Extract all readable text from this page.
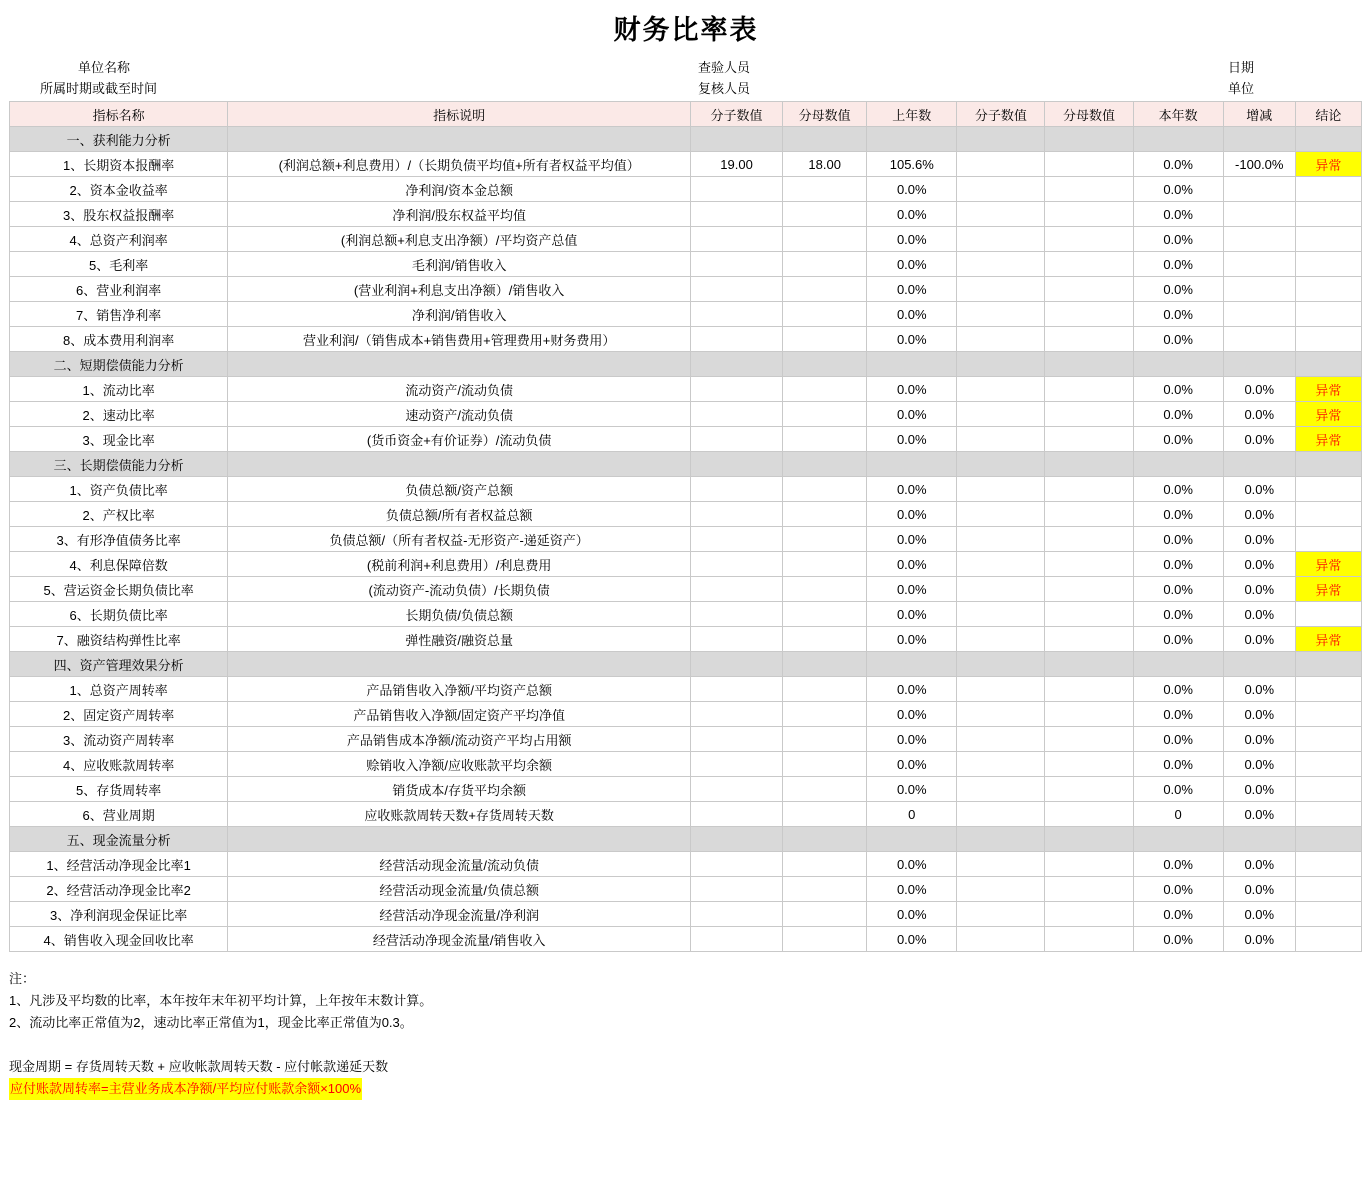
财务比率表
单位名称
所属时期或截至时间
查验人员
复核人员
日期
单位
指标名称	指标说明	分子数值	分母数值	上年数	分子数值	分母数值	本年数	增减	结论
一、获利能力分析									
1、长期资本报酬率	(利润总额+利息费用）/（长期负债平均值+所有者权益平均值）	19.00	18.00	105.6%			0.0%	-100.0%	异常
2、资本金收益率	净利润/资本金总额			0.0%			0.0%		
3、股东权益报酬率	净利润/股东权益平均值			0.0%			0.0%		
4、总资产利润率	(利润总额+利息支出净额）/平均资产总值			0.0%			0.0%		
5、毛利率	毛利润/销售收入			0.0%			0.0%		
6、营业利润率	(营业利润+利息支出净额）/销售收入			0.0%			0.0%		
7、销售净利率	净利润/销售收入			0.0%			0.0%		
8、成本费用利润率	营业利润/（销售成本+销售费用+管理费用+财务费用）			0.0%			0.0%		
二、短期偿债能力分析									
1、流动比率	流动资产/流动负债			0.0%			0.0%	0.0%	异常
2、速动比率	速动资产/流动负债			0.0%			0.0%	0.0%	异常
3、现金比率	(货币资金+有价证券）/流动负债			0.0%			0.0%	0.0%	异常
三、长期偿债能力分析									
1、资产负债比率	负债总额/资产总额			0.0%			0.0%	0.0%	
2、产权比率	负债总额/所有者权益总额			0.0%			0.0%	0.0%	
3、有形净值债务比率	负债总额/（所有者权益-无形资产-递延资产）			0.0%			0.0%	0.0%	
4、利息保障倍数	(税前利润+利息费用）/利息费用			0.0%			0.0%	0.0%	异常
5、营运资金长期负债比率	(流动资产-流动负债）/长期负债			0.0%			0.0%	0.0%	异常
6、长期负债比率	长期负债/负债总额			0.0%			0.0%	0.0%	
7、融资结构弹性比率	弹性融资/融资总量			0.0%			0.0%	0.0%	异常
四、资产管理效果分析									
1、总资产周转率	产品销售收入净额/平均资产总额			0.0%			0.0%	0.0%	
2、固定资产周转率	产品销售收入净额/固定资产平均净值			0.0%			0.0%	0.0%	
3、流动资产周转率	产品销售成本净额/流动资产平均占用额			0.0%			0.0%	0.0%	
4、应收账款周转率	赊销收入净额/应收账款平均余额			0.0%			0.0%	0.0%	
5、存货周转率	销货成本/存货平均余额			0.0%			0.0%	0.0%	
6、营业周期	应收账款周转天数+存货周转天数			0			0	0.0%	
五、现金流量分析									
1、经营活动净现金比率1	经营活动现金流量/流动负债			0.0%			0.0%	0.0%	
2、经营活动净现金比率2	经营活动现金流量/负债总额			0.0%			0.0%	0.0%	
3、净利润现金保证比率	经营活动净现金流量/净利润			0.0%			0.0%	0.0%	
4、销售收入现金回收比率	经营活动净现金流量/销售收入			0.0%			0.0%	0.0%	
注：
1、凡涉及平均数的比率，本年按年末年初平均计算，上年按年末数计算。
2、流动比率正常值为2，速动比率正常值为1，现金比率正常值为0.3。
现金周期 = 存货周转天数 + 应收帐款周转天数 - 应付帐款递延天数
应付账款周转率=主营业务成本净额/平均应付账款余额×100%
